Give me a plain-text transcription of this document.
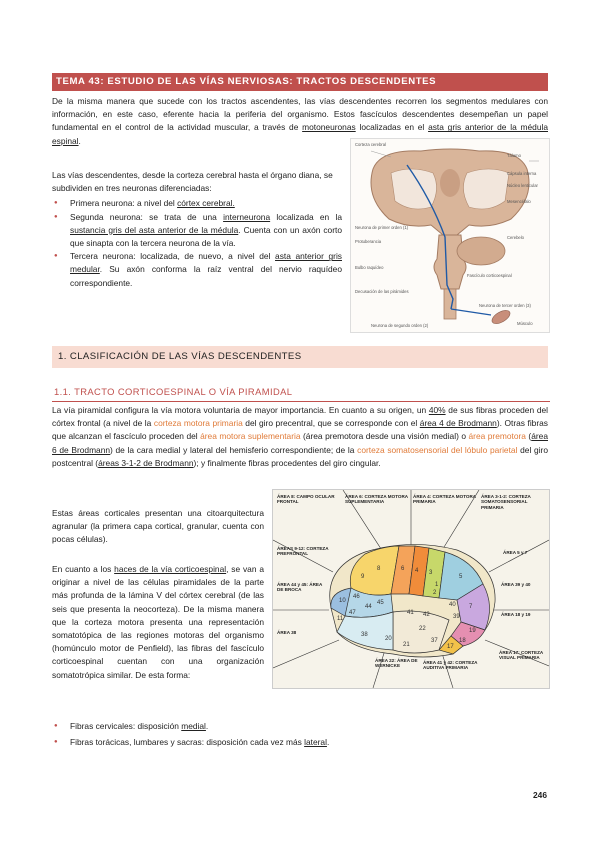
TEMA 43: ESTUDIO DE LAS VÍAS NERVIOSAS: TRACTOS DESCENDENTES
De la misma manera que sucede con los tractos ascendentes, las vías descendentes recorren los segmentos medulares con información, en este caso, eferente hacia la periferia del organismo. Estos fascículos descendentes desempeñan un papel fundamental en el control de la actividad muscular, a través de motoneuronas localizadas en el asta gris anterior de la médula espinal.
Las vías descendentes, desde la corteza cerebral hasta el órgano diana, se subdividen en tres neuronas diferenciadas:
● Primera neurona: a nivel del córtex cerebral.
● Segunda neurona: se trata de una interneurona localizada en la sustancia gris del asta anterior de la médula. Cuenta con un axón corto que sinapta con la tercera neurona de la vía.
● Tercera neurona: localizada, de nuevo, a nivel del asta anterior gris medular. Su axón conforma la raíz ventral del nervio raquídeo correspondiente.
Corteza cerebral
Tálamo
Cápsula interna
Núcleo lenticular
Mesencéfalo
Cerebelo
Protuberancia
Bulbo raquídeo
Decusación de las pirámides
Fascículo corticoespinal
Neurona de primer orden (1)
Neurona de segundo orden (2)
Neurona de tercer orden (3)
Músculo
1. CLASIFICACIÓN DE LAS VÍAS DESCENDENTES
1.1. TRACTO CORTICOESPINAL O VÍA PIRAMIDAL
La vía piramidal configura la vía motora voluntaria de mayor importancia. En cuanto a su origen, un 40% de sus fibras proceden del córtex frontal (a nivel de la corteza motora primaria del giro precentral, que se corresponde con el área 4 de Brodmann). Otras fibras que alcanzan el fascículo proceden del área motora suplementaria (área premotora desde una visión medial) o área premotora (área 6 de Brodmann) de la cara medial y lateral del hemisferio correspondiente; de la corteza somatosensorial del lóbulo parietal del giro postcentral (áreas 3-1-2 de Brodmann); y finalmente fibras procedentes del giro cingular.
Estas áreas corticales presentan una citoarquitectura agranular (la primera capa cortical, granular, cuenta con pocas células).
En cuanto a los haces de la vía corticoespinal, se van a originar a nivel de las células piramidales de la parte más profunda de la lámina V del córtex cerebral (de las seis que presenta la neocorteza). De la misma manera que la corteza motora presenta una representación somatotópica de las regiones motoras del organismo (homúnculo motor de Penfield), las fibras del fascículo corticoespinal cuentan con una organización somatotrópica similar. De esta forma:
8	6 4 3
1
2
5
7
9
10
44
45
46
47
11
38
22
41 42	39
40
19
18
17
21
37
20
ÁREA 8: CAMPO OCULAR FRONTAL
ÁREA 6: CORTEZA MOTORA SUPLEMENTARIA
ÁREA 4: CORTEZA MOTORA PRIMARIA
ÁREA 3-1-2: CORTEZA SOMATOSENSORIAL PRIMARIA
ÁREAS 9-12: CORTEZA PREFRONTAL	ÁREA 5 y 7
ÁREA 44 y 45: ÁREA DE BROCA
ÁREA 39 y 40
ÁREA 41 y 42: CORTEZA AUDITIVA PRIMARIA
ÁREA 22: ÁREA DE WERNICKE
ÁREA 38
ÁREA 18 y 19
ÁREA 17: CORTEZA VISUAL PRIMARIA
● Fibras cervicales: disposición medial.
● Fibras torácicas, lumbares y sacras: disposición cada vez más lateral.
246
